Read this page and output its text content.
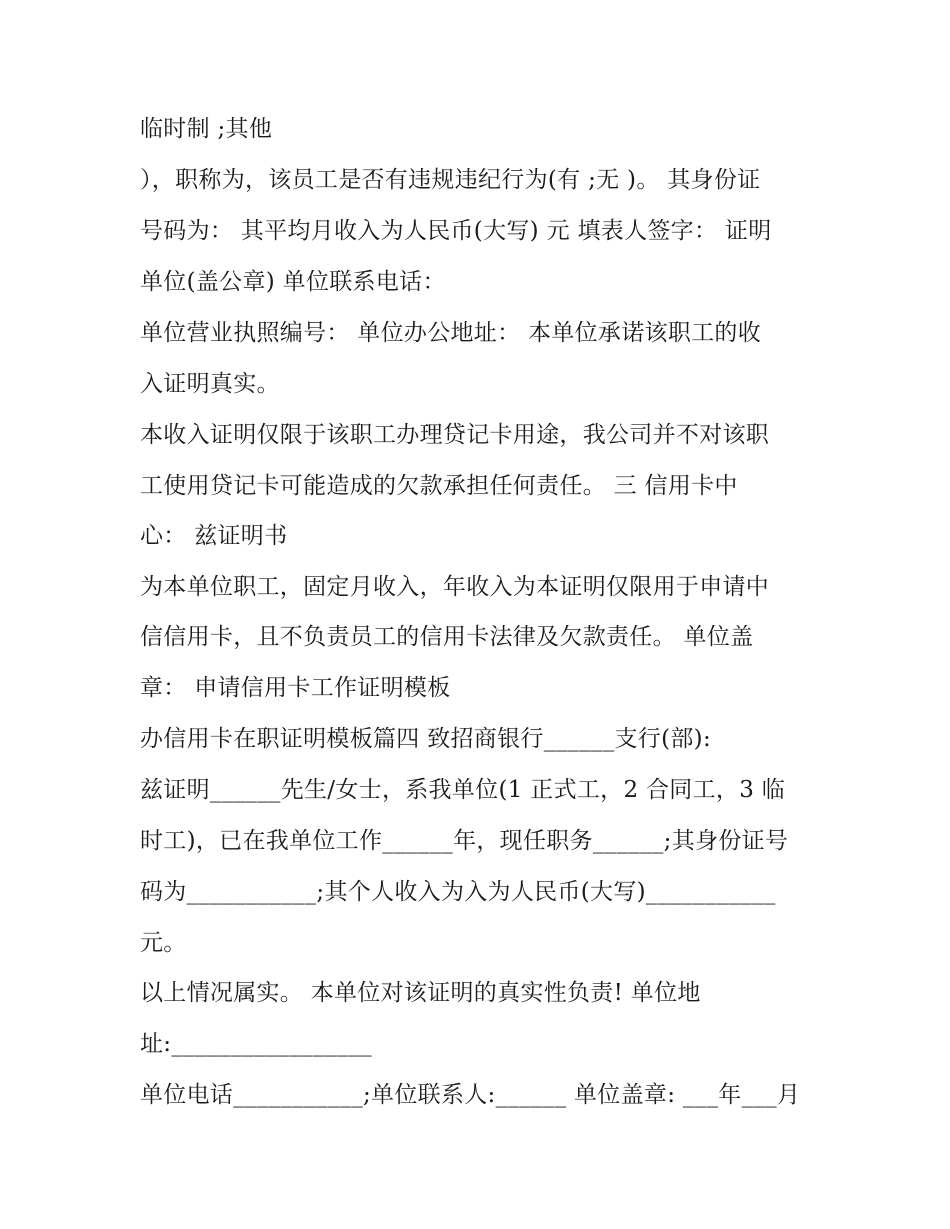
临时制 ;其他
），职称为，该员工是否有违规违纪行为(有 ;无 )。 其身份证
号码为： 其平均月收入为人民币(大写) 元 填表人签字： 证明
单位(盖公章) 单位联系电话：
单位营业执照编号： 单位办公地址： 本单位承诺该职工的收
入证明真实。
本收入证明仅限于该职工办理贷记卡用途，我公司并不对该职
工使用贷记卡可能造成的欠款承担任何责任。 三 信用卡中
心： 兹证明书
为本单位职工，固定月收入，年收入为本证明仅限用于申请中
信信用卡，且不负责员工的信用卡法律及欠款责任。 单位盖
章： 申请信用卡工作证明模板
办信用卡在职证明模板篇四 致招商银行______支行(部):
兹证明______先生/女士，系我单位(1 正式工，2 合同工，3 临
时工)，已在我单位工作______年，现任职务______;其身份证号
码为___________;其个人收入为入为人民币(大写)___________
元。
以上情况属实。 本单位对该证明的真实性负责! 单位地
址:_________________
单位电话___________;单位联系人:______ 单位盖章: ___年___月
